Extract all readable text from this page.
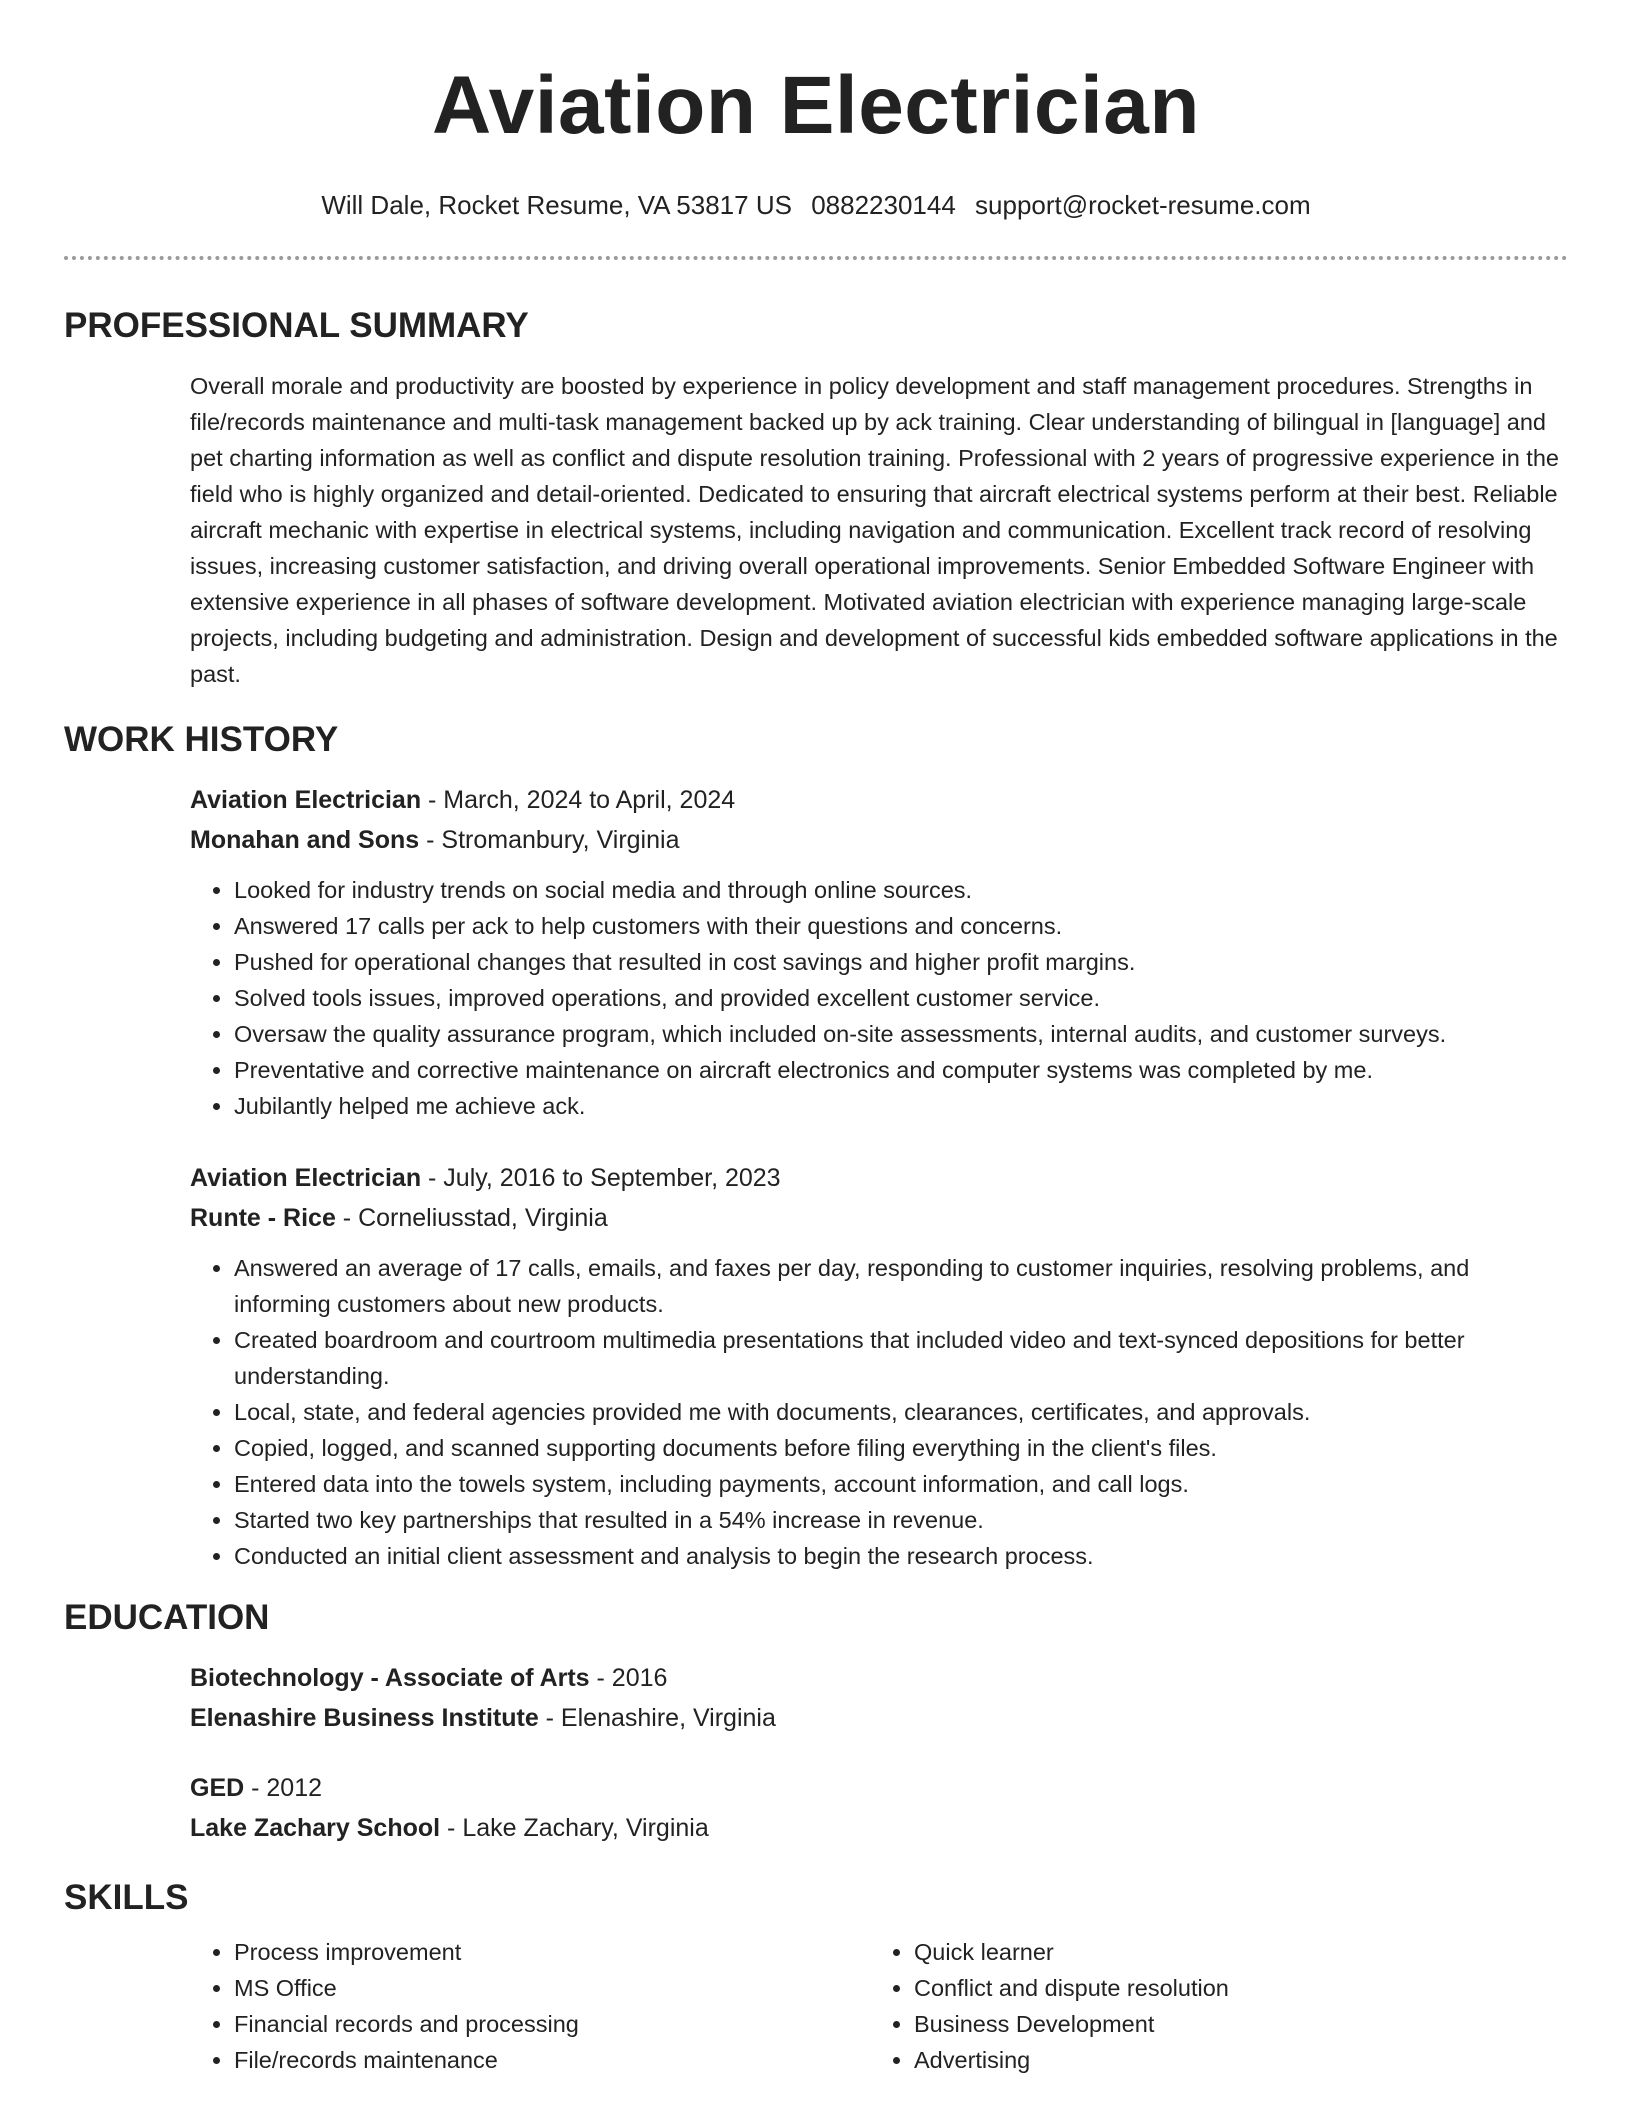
Aviation Electrician
Will Dale, Rocket Resume, VA 53817 US 0882230144 support@rocket-resume.com
PROFESSIONAL SUMMARY

Overall morale and productivity are boosted by experience in policy development and staff management procedures. Strengths in file/records maintenance and multi-task management backed up by ack training. Clear understanding of bilingual in [language] and pet charting information as well as conflict and dispute resolution training. Professional with 2 years of progressive experience in the field who is highly organized and detail-oriented. Dedicated to ensuring that aircraft electrical systems perform at their best. Reliable aircraft mechanic with expertise in electrical systems, including navigation and communication. Excellent track record of resolving issues, increasing customer satisfaction, and driving overall operational improvements. Senior Embedded Software Engineer with extensive experience in all phases of software development. Motivated aviation electrician with experience managing large-scale projects, including budgeting and administration. Design and development of successful kids embedded software applications in the past.

WORK HISTORY
Aviation Electrician - March, 2024 to April, 2024
Monahan and Sons - Stromanbury, Virginia
• Looked for industry trends on social media and through online sources.
• Answered 17 calls per ack to help customers with their questions and concerns.
• Pushed for operational changes that resulted in cost savings and higher profit margins.
• Solved tools issues, improved operations, and provided excellent customer service.
• Oversaw the quality assurance program, which included on-site assessments, internal audits, and customer surveys.
• Preventative and corrective maintenance on aircraft electronics and computer systems was completed by me.
• Jubilantly helped me achieve ack.
Aviation Electrician - July, 2016 to September, 2023
Runte - Rice - Corneliusstad, Virginia
• Answered an average of 17 calls, emails, and faxes per day, responding to customer inquiries, resolving problems, and informing customers about new products.
• Created boardroom and courtroom multimedia presentations that included video and text-synced depositions for better understanding.
• Local, state, and federal agencies provided me with documents, clearances, certificates, and approvals.
• Copied, logged, and scanned supporting documents before filing everything in the client's files.
• Entered data into the towels system, including payments, account information, and call logs.
• Started two key partnerships that resulted in a 54% increase in revenue.
• Conducted an initial client assessment and analysis to begin the research process.
EDUCATION
Biotechnology - Associate of Arts - 2016
Elenashire Business Institute - Elenashire, Virginia
GED - 2012
Lake Zachary School - Lake Zachary, Virginia
SKILLS
• Process improvement
• MS Office
• Financial records and processing
• File/records maintenance
• Quick learner
• Conflict and dispute resolution
• Business Development
• Advertising
